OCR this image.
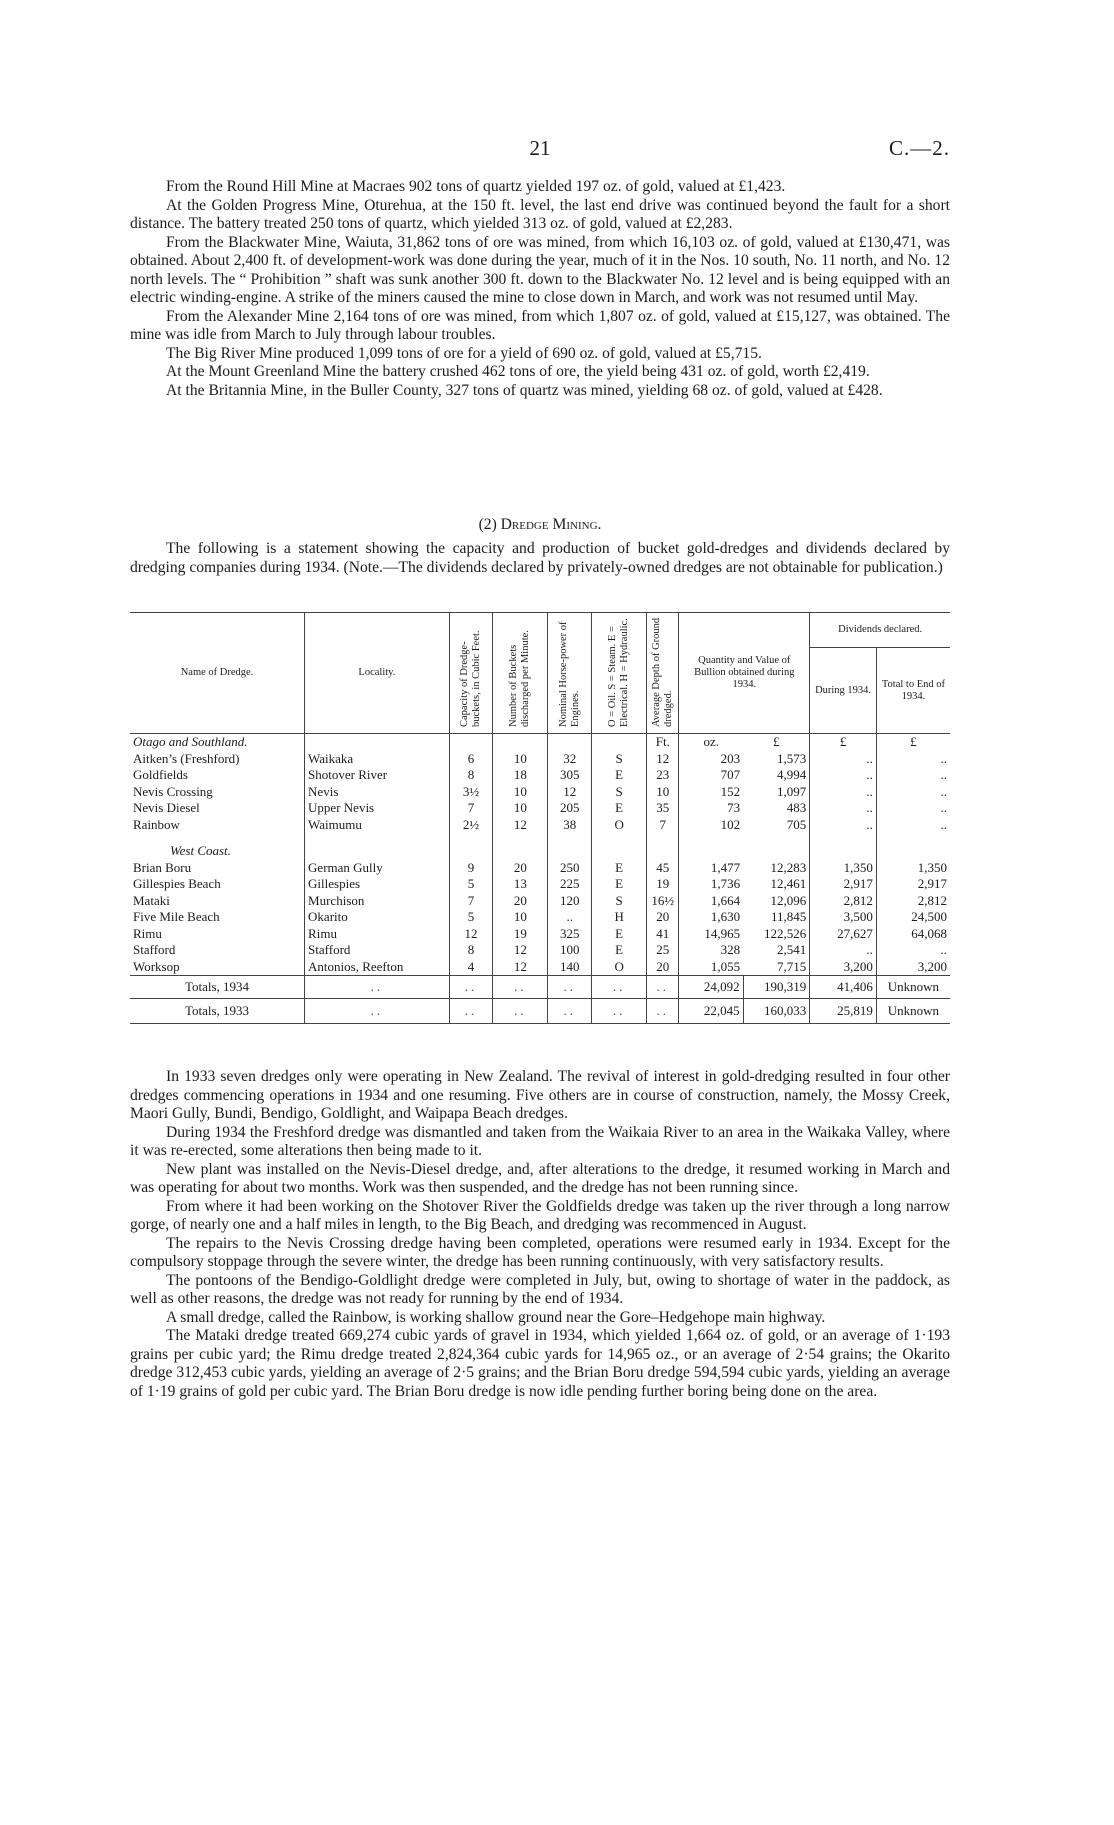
21	C.—2.

From the Round Hill Mine at Macraes 902 tons of quartz yielded 197 oz. of gold, valued at £1,423.

At the Golden Progress Mine, Oturehua, at the 150 ft. level, the last end drive was continued beyond the fault for a short distance. The battery treated 250 tons of quartz, which yielded 313 oz. of gold, valued at £2,283.

From the Blackwater Mine, Waiuta, 31,862 tons of ore was mined, from which 16,103 oz. of gold, valued at £130,471, was obtained. About 2,400 ft. of development-work was done during the year, much of it in the Nos. 10 south, No. 11 north, and No. 12 north levels. The “ Prohibition ” shaft was sunk another 300 ft. down to the Blackwater No. 12 level and is being equipped with an electric winding-engine. A strike of the miners caused the mine to close down in March, and work was not resumed until May.

From the Alexander Mine 2,164 tons of ore was mined, from which 1,807 oz. of gold, valued at £15,127, was obtained. The mine was idle from March to July through labour troubles.

The Big River Mine produced 1,099 tons of ore for a yield of 690 oz. of gold, valued at £5,715.

At the Mount Greenland Mine the battery crushed 462 tons of ore, the yield being 431 oz. of gold, worth £2,419.

At the Britannia Mine, in the Buller County, 327 tons of quartz was mined, yielding 68 oz. of gold, valued at £428.

(2) Dredge Mining.

The following is a statement showing the capacity and production of bucket gold-dredges and dividends declared by dredging companies during 1934. (Note.—The dividends declared by privately-owned dredges are not obtainable for publication.)

Name of Dredge.	Locality.	Capacity of Dredge-buckets, in Cubic Feet.	Number of Buckets discharged per Minute.	Nominal Horse-power of Engines.	O = Oil. S = Steam. E = Electrical. H = Hydraulic.	Average Depth of Ground dredged.	Quantity and Value of Bullion obtained during 1934.		Dividends declared.	
									During 1934.	Total to End of 1934.
Otago and Southland.						Ft.	oz.	£	£	£
Aitken’s (Freshford)	Waikaka	6	10	32	S	12	203	1,573	..	..
Goldfields	Shotover River	8	18	305	E	23	707	4,994	..	..
Nevis Crossing	Nevis	3½	10	12	S	10	152	1,097	..	..
Nevis Diesel	Upper Nevis	7	10	205	E	35	73	483	..	..
Rainbow	Waimumu	2½	12	38	O	7	102	705	..	..

West Coast.										
Brian Boru	German Gully	9	20	250	E	45	1,477	12,283	1,350	1,350
Gillespies Beach	Gillespies	5	13	225	E	19	1,736	12,461	2,917	2,917
Mataki	Murchison	7	20	120	S	16½	1,664	12,096	2,812	2,812
Five Mile Beach	Okarito	5	10	..	H	20	1,630	11,845	3,500	24,500
Rimu	Rimu	12	19	325	E	41	14,965	122,526	27,627	64,068
Stafford	Stafford	8	12	100	E	25	328	2,541	..	..
Worksop	Antonios, Reefton	4	12	140	O	20	1,055	7,715	3,200	3,200
Totals, 1934	..	..	..	..	..	..	24,092	190,319	41,406	Unknown
Totals, 1933	..	..	..	..	..	..	22,045	160,033	25,819	Unknown

In 1933 seven dredges only were operating in New Zealand. The revival of interest in gold-dredging resulted in four other dredges commencing operations in 1934 and one resuming. Five others are in course of construction, namely, the Mossy Creek, Maori Gully, Bundi, Bendigo, Goldlight, and Waipapa Beach dredges.

During 1934 the Freshford dredge was dismantled and taken from the Waikaia River to an area in the Waikaka Valley, where it was re-erected, some alterations then being made to it.

New plant was installed on the Nevis-Diesel dredge, and, after alterations to the dredge, it resumed working in March and was operating for about two months. Work was then suspended, and the dredge has not been running since.

From where it had been working on the Shotover River the Goldfields dredge was taken up the river through a long narrow gorge, of nearly one and a half miles in length, to the Big Beach, and dredging was recommenced in August.

The repairs to the Nevis Crossing dredge having been completed, operations were resumed early in 1934. Except for the compulsory stoppage through the severe winter, the dredge has been running continuously, with very satisfactory results.

The pontoons of the Bendigo-Goldlight dredge were completed in July, but, owing to shortage of water in the paddock, as well as other reasons, the dredge was not ready for running by the end of 1934.

A small dredge, called the Rainbow, is working shallow ground near the Gore–Hedgehope main highway.

The Mataki dredge treated 669,274 cubic yards of gravel in 1934, which yielded 1,664 oz. of gold, or an average of 1·193 grains per cubic yard; the Rimu dredge treated 2,824,364 cubic yards for 14,965 oz., or an average of 2·54 grains; the Okarito dredge 312,453 cubic yards, yielding an average of 2·5 grains; and the Brian Boru dredge 594,594 cubic yards, yielding an average of 1·19 grains of gold per cubic yard. The Brian Boru dredge is now idle pending further boring being done on the area.
